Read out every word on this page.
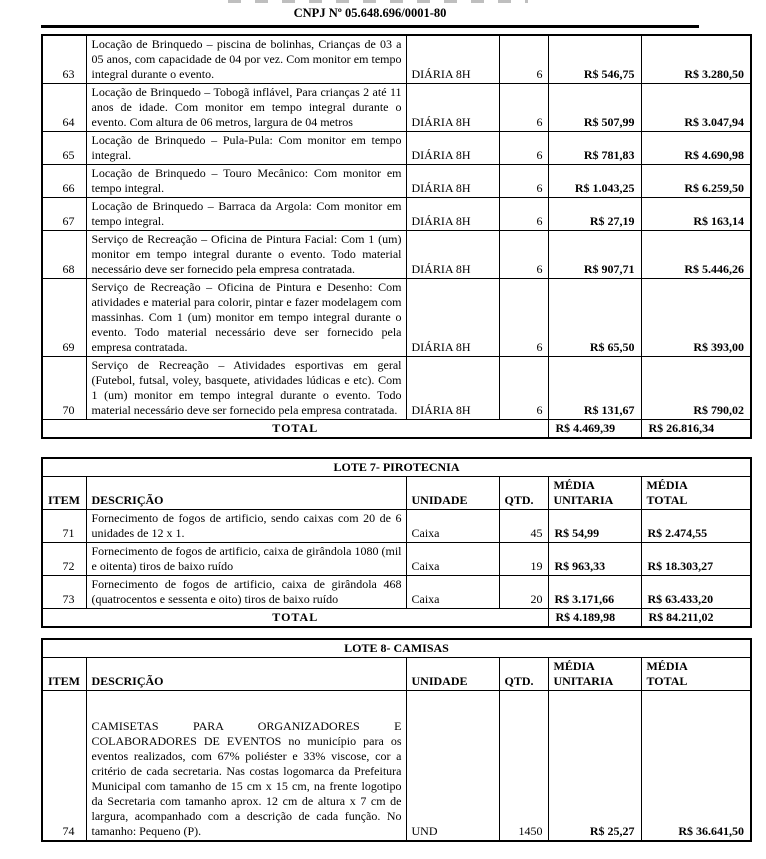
CNPJ Nº 05.648.696/0001-80
63	Locação de Brinquedo – piscina de bolinhas, Crianças de 03 a 05 anos, com capacidade de 04 por vez. Com monitor em tempo integral durante o evento.	DIÁRIA 8H	6	R$ 546,75	R$ 3.280,50
64	Locação de Brinquedo – Tobogã inflável, Para crianças 2 até 11 anos de idade. Com monitor em tempo integral durante o evento. Com altura de 06 metros, largura de 04 metros	DIÁRIA 8H	6	R$ 507,99	R$ 3.047,94
65	Locação de Brinquedo – Pula-Pula: Com monitor em tempo integral.	DIÁRIA 8H	6	R$ 781,83	R$ 4.690,98
66	Locação de Brinquedo – Touro Mecânico: Com monitor em tempo integral.	DIÁRIA 8H	6	R$ 1.043,25	R$ 6.259,50
67	Locação de Brinquedo – Barraca da Argola: Com monitor em tempo integral.	DIÁRIA 8H	6	R$ 27,19	R$ 163,14
68	Serviço de Recreação – Oficina de Pintura Facial: Com 1 (um) monitor em tempo integral durante o evento. Todo material necessário deve ser fornecido pela empresa contratada.	DIÁRIA 8H	6	R$ 907,71	R$ 5.446,26
69	Serviço de Recreação – Oficina de Pintura e Desenho: Com atividades e material para colorir, pintar e fazer modelagem com massinhas. Com 1 (um) monitor em tempo integral durante o evento. Todo material necessário deve ser fornecido pela empresa contratada.	DIÁRIA 8H	6	R$ 65,50	R$ 393,00
70	Serviço de Recreação – Atividades esportivas em geral (Futebol, futsal, voley, basquete, atividades lúdicas e etc). Com 1 (um) monitor em tempo integral durante o evento. Todo material necessário deve ser fornecido pela empresa contratada.	DIÁRIA 8H	6	R$ 131,67	R$ 790,02
TOTAL				R$ 4.469,39	R$ 26.816,34
LOTE 7- PIROTECNIA					
ITEM	DESCRIÇÃO	UNIDADE	QTD.	MÉDIA UNITARIA	MÉDIA TOTAL

71	Fornecimento de fogos de artificio, sendo caixas com 20 de 6 unidades de 12 x 1.	Caixa	45	R$ 54,99	R$ 2.474,55
72	Fornecimento de fogos de artificio, caixa de girândola 1080 (mil e oitenta) tiros de baixo ruído	Caixa	19	R$ 963,33	R$ 18.303,27
73	Fornecimento de fogos de artificio, caixa de girândola 468 (quatrocentos e sessenta e oito) tiros de baixo ruído	Caixa	20	R$ 3.171,66	R$ 63.433,20
TOTAL				R$ 4.189,98	R$ 84.211,02
LOTE 8- CAMISAS					
ITEM	DESCRIÇÃO	UNIDADE	QTD.	MÉDIA UNITARIA	MÉDIA TOTAL

74	CAMISETAS PARA ORGANIZADORES E COLABORADORES DE EVENTOS no município para os eventos realizados, com 67% poliéster e 33% viscose, cor a critério de cada secretaria. Nas costas logomarca da Prefeitura Municipal com tamanho de 15 cm x 15 cm, na frente logotipo da Secretaria com tamanho aprox. 12 cm de altura x 7 cm de largura, acompanhado com a descrição de cada função. No tamanho: Pequeno (P).	UND	1450	R$ 25,27	R$ 36.641,50
